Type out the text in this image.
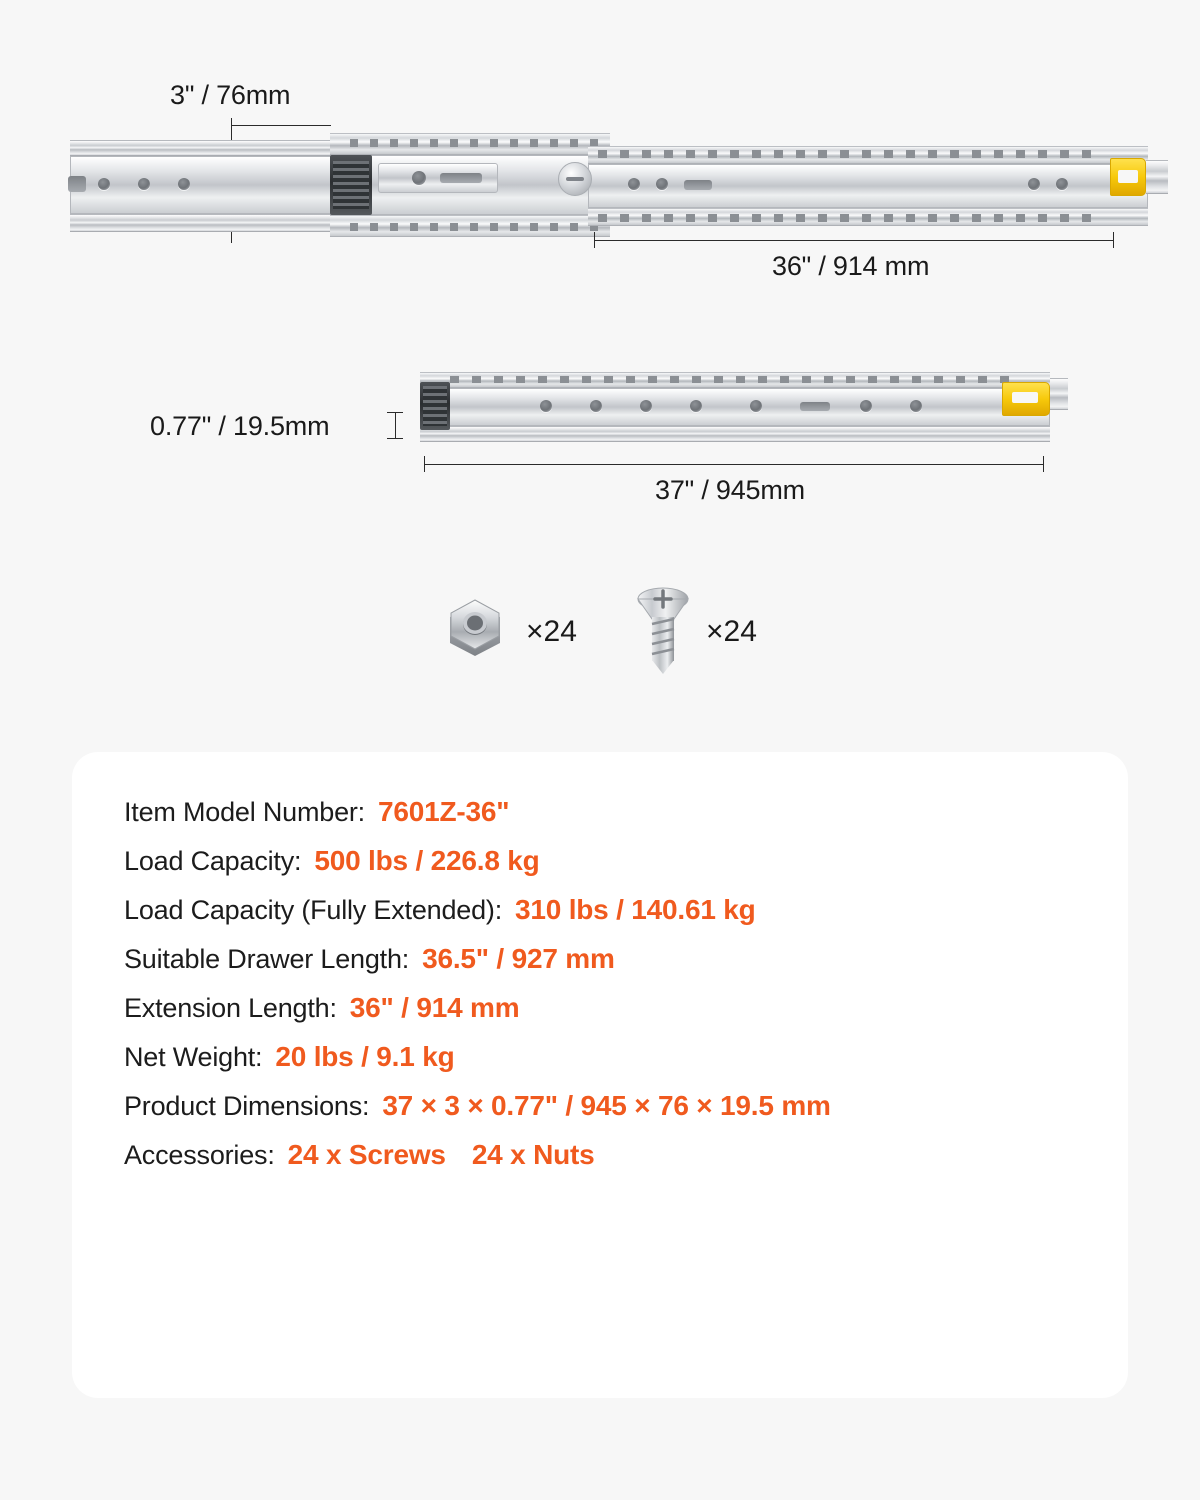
3" / 76mm
36" / 914 mm
0.77" / 19.5mm
37" / 945mm
×24	×24
Item Model Number: 7601Z-36"
Load Capacity: 500 lbs / 226.8 kg
Load Capacity (Fully Extended): 310 lbs / 140.61 kg
Suitable Drawer Length: 36.5" / 927 mm
Extension Length: 36" / 914 mm
Net Weight: 20 lbs / 9.1 kg
Product Dimensions: 37 × 3 × 0.77" / 945 × 76 × 19.5 mm
Accessories: 24 x Screws 24 x Nuts
